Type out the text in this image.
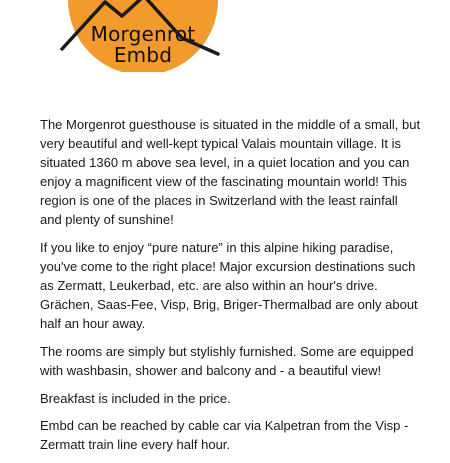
Morgenrot
Embd

The Morgenrot guesthouse is situated in the middle of a small, but
very beautiful and well-kept typical Valais mountain village. It is
situated 1360 m above sea level, in a quiet location and you can
enjoy a magnificent view of the fascinating mountain world! This
region is one of the places in Switzerland with the least rainfall
and plenty of sunshine!

If you like to enjoy “pure nature” in this alpine hiking paradise,
you've come to the right place! Major excursion destinations such
as Zermatt, Leukerbad, etc. are also within an hour's drive.
Grächen, Saas-Fee, Visp, Brig, Briger-Thermalbad are only about
half an hour away.

The rooms are simply but stylishly furnished. Some are equipped
with washbasin, shower and balcony and - a beautiful view!

Breakfast is included in the price.

Embd can be reached by cable car via Kalpetran from the Visp -
Zermatt train line every half hour.
